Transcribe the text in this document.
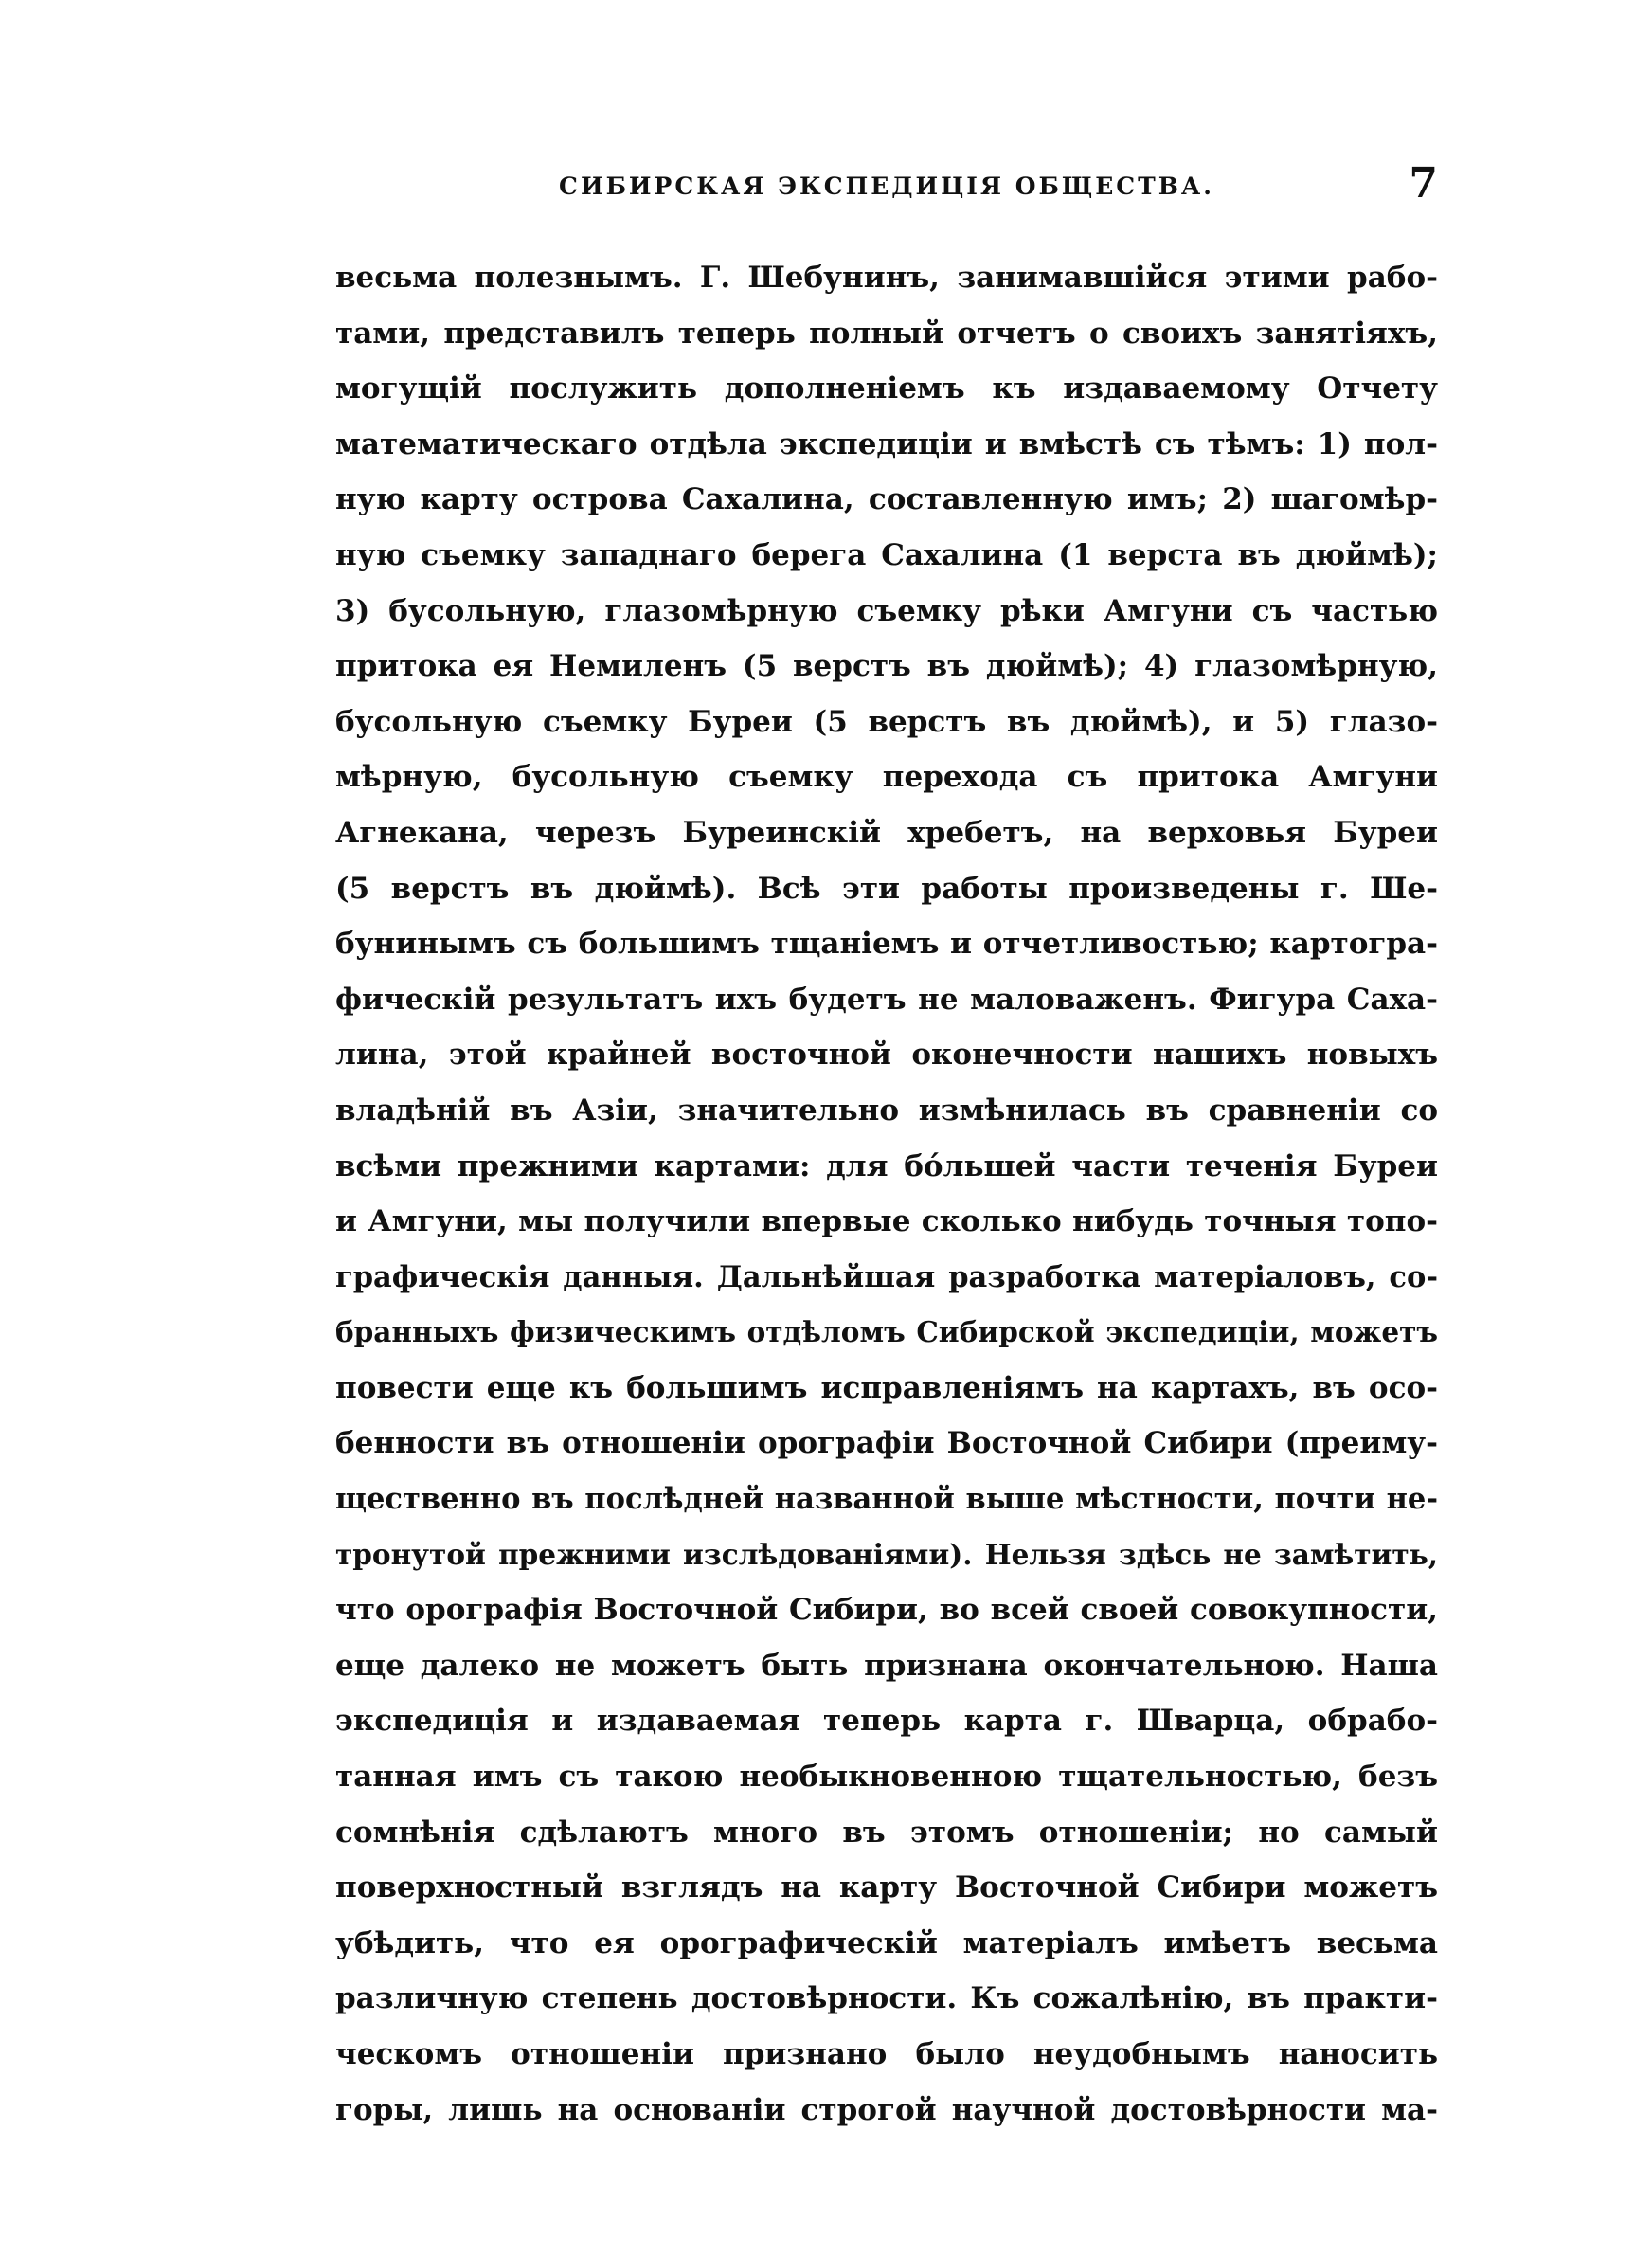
СИБИРСКАЯ ЭКСПЕДИЦІЯ ОБЩЕСТВА.	7
весьма полезнымъ. Г. Шебунинъ, занимавшійся этими рабо-
тами, представилъ теперь полный отчетъ о своихъ занятіяхъ,
могущій послужить дополненіемъ къ издаваемому Отчету
математическаго отдѣла экспедиціи и вмѣстѣ съ тѣмъ: 1) пол-
ную карту острова Сахалина, составленную имъ; 2) шагомѣр-
ную съемку западнаго берега Сахалина (1 верста въ дюймѣ);
3) бусольную, глазомѣрную съемку рѣки Амгуни съ частью
притока ея Немиленъ (5 верстъ въ дюймѣ); 4) глазомѣрную,
бусольную съемку Буреи (5 верстъ въ дюймѣ), и 5) глазо-
мѣрную, бусольную съемку перехода съ притока Амгуни
Агнекана, черезъ Буреинскій хребетъ, на верховья Буреи
(5 верстъ въ дюймѣ). Всѣ эти работы произведены г. Ше-
бунинымъ съ большимъ тщаніемъ и отчетливостью; картогра-
фическій результатъ ихъ будетъ не маловаженъ. Фигура Саха-
лина, этой крайней восточной оконечности нашихъ новыхъ
владѣній въ Азіи, значительно измѣнилась въ сравненіи со
всѣми прежними картами: для бóльшей части теченія Буреи
и Амгуни, мы получили впервые сколько нибудь точныя топо-
графическія данныя. Дальнѣйшая разработка матеріаловъ, со-
бранныхъ физическимъ отдѣломъ Сибирской экспедиціи, можетъ
повести еще къ большимъ исправленіямъ на картахъ, въ осо-
бенности въ отношеніи орографіи Восточной Сибири (преиму-
щественно въ послѣдней названной выше мѣстности, почти не-
тронутой прежними изслѣдованіями). Нельзя здѣсь не замѣтить,
что орографія Восточной Сибири, во всей своей совокупности,
еще далеко не можетъ быть признана окончательною. Наша
экспедиція и издаваемая теперь карта г. Шварца, обрабо-
танная имъ съ такою необыкновенною тщательностью, безъ
сомнѣнія сдѣлаютъ много въ этомъ отношеніи; но самый
поверхностный взглядъ на карту Восточной Сибири можетъ
убѣдить, что ея орографическій матеріалъ имѣетъ весьма
различную степень достовѣрности. Къ сожалѣнію, въ практи-
ческомъ отношеніи признано было неудобнымъ наносить
горы, лишь на основаніи строгой научной достовѣрности ма-
